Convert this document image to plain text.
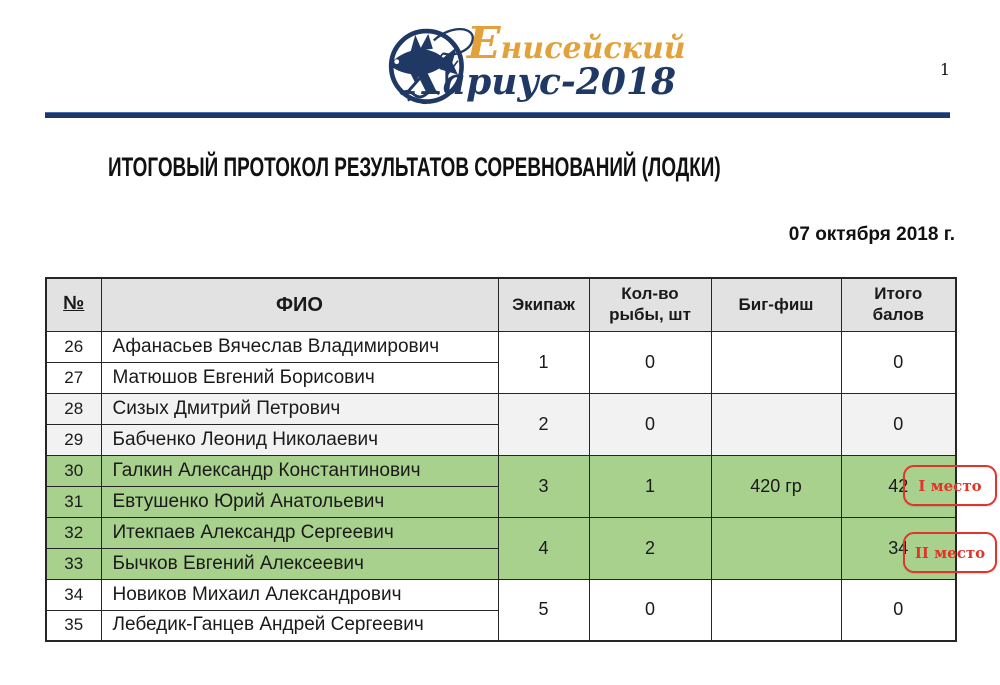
Енисейский
Хариус-2018	1
ИТОГОВЫЙ ПРОТОКОЛ РЕЗУЛЬТАТОВ СОРЕВНОВАНИЙ (ЛОДКИ)
07 октября 2018 г.
№	ФИО	Экипаж	Кол-во рыбы, шт	Биг-фиш	Итого балов
26	Афанасьев Вячеслав Владимирович	1	0		0
27	Матюшов Евгений Борисович				
28	Сизых Дмитрий Петрович	2	0		0
29	Бабченко Леонид Николаевич				
30	Галкин Александр Константинович	3	1	420 гр	42
31	Евтушенко Юрий Анатольевич				
32	Итекпаев Александр Сергеевич	4	2		34
33	Бычков Евгений Алексеевич				
34	Новиков Михаил Александрович	5	0		0
35	Лебедик-Ганцев Андрей Сергеевич				
I место
II место
